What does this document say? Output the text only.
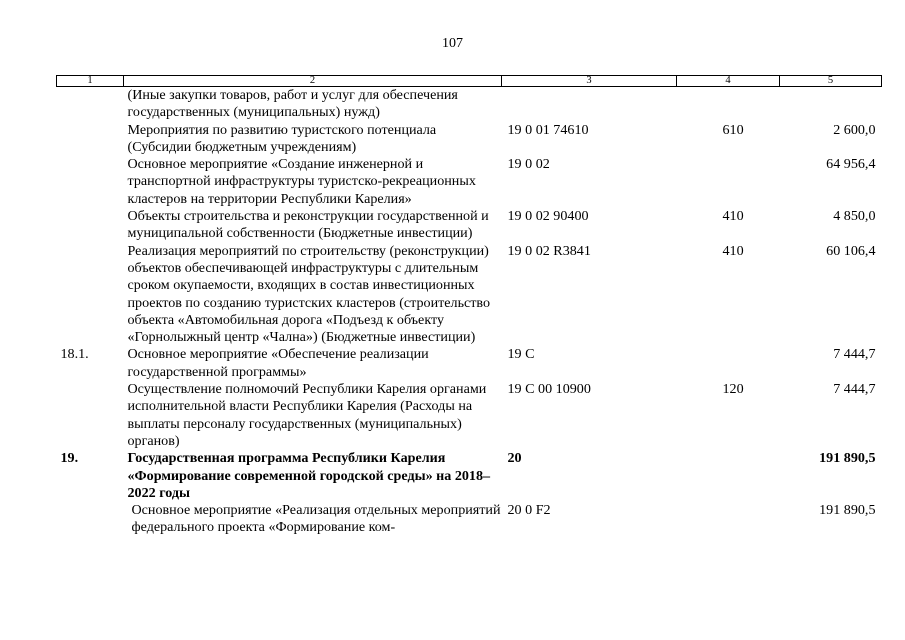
107
1	2	3	4	5
	(Иные закупки товаров, работ и услуг для обеспечения государственных (муниципальных) нужд)			
	Мероприятия по развитию туристского потенциала (Субсидии бюджетным учреждениям)	19 0 01 74610	610	2 600,0
	Основное мероприятие «Создание инженерной и транспортной инфраструктуры туристско-рекреационных кластеров на территории Республики Карелия»	19 0 02		64 956,4
	Объекты строительства и реконструкции государственной и муниципальной собственности (Бюджетные инвестиции)	19 0 02 90400	410	4 850,0
	Реализация мероприятий по строительству (реконструкции) объектов обеспечивающей инфраструктуры с длительным сроком окупаемости, входящих в состав инвестиционных проектов по созданию туристских кластеров (строительство объекта «Автомобильная дорога «Подъезд к объекту «Горнолыжный центр «Чална») (Бюджетные инвестиции)	19 0 02 R3841	410	60 106,4
18.1.	Основное мероприятие «Обеспечение реализации государственной программы»	19 С		7 444,7
	Осуществление полномочий Республики Карелия органами исполнительной власти Республики Карелия (Расходы на выплаты персоналу государственных (муниципальных) органов)	19 С 00 10900	120	7 444,7
19.	Государственная программа Республики Карелия «Формирование современной городской среды» на 2018–2022 годы	20		191 890,5
	Основное мероприятие «Реализация отдельных мероприятий федерального проекта «Формирование ком-	20 0 F2		191 890,5
